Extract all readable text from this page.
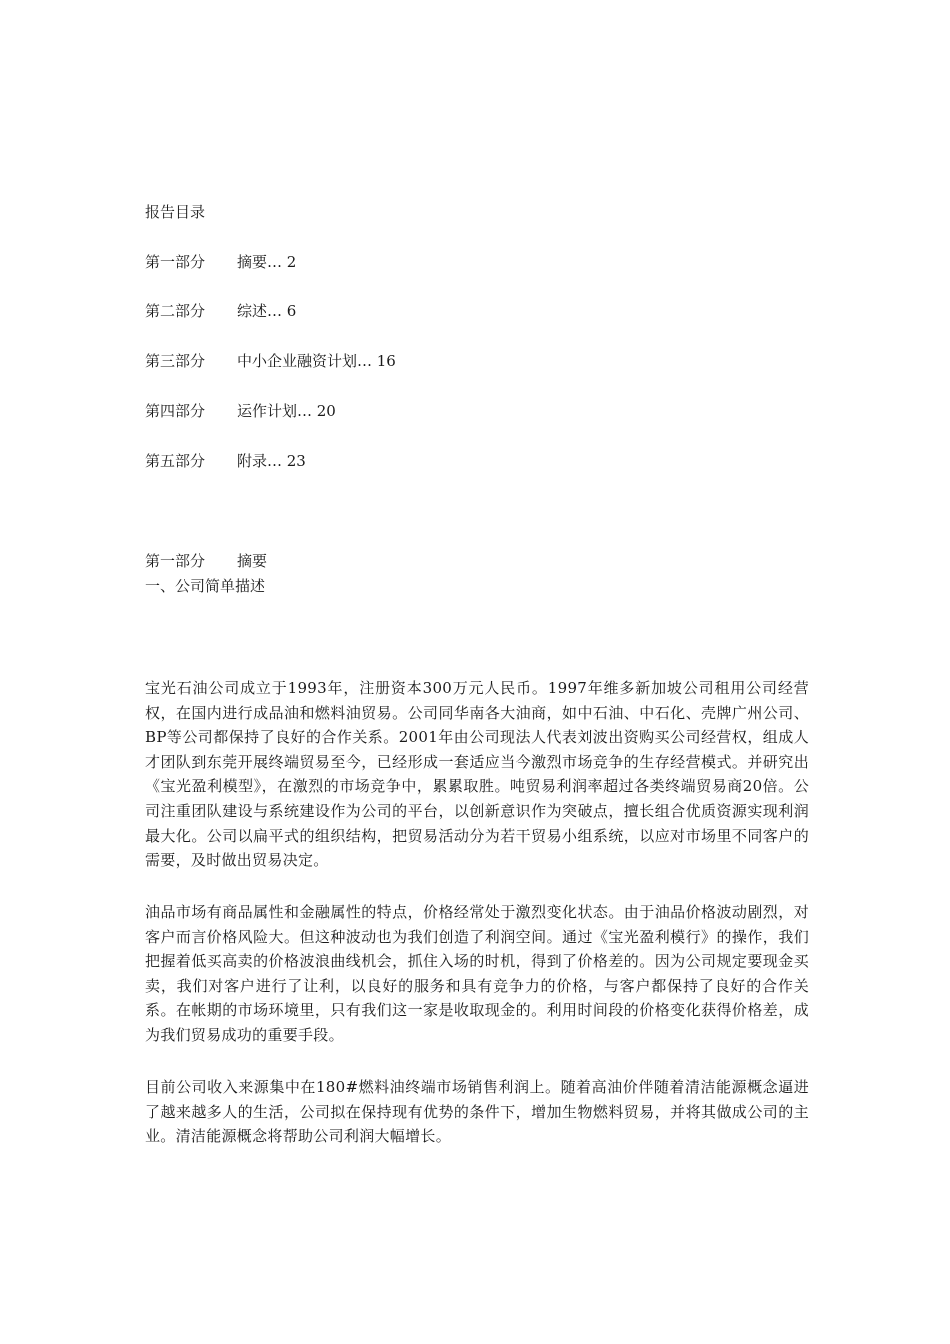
报告目录
第一部分 摘要… 2
第二部分 综述… 6
第三部分 中小企业融资计划… 16
第四部分 运作计划… 20
第五部分 附录… 23
第一部分 摘要
一、公司简单描述

宝光石油公司成立于1993年，注册资本300万元人民币。1997年维多新加坡公司租用公司经营权，在国内进行成品油和燃料油贸易。公司同华南各大油商，如中石油、中石化、壳牌广州公司、BP等公司都保持了良好的合作关系。2001年由公司现法人代表刘波出资购买公司经营权，组成人才团队到东莞开展终端贸易至今，已经形成一套适应当今激烈市场竞争的生存经营模式。并研究出《宝光盈利模型》，在激烈的市场竞争中，累累取胜。吨贸易利润率超过各类终端贸易商20倍。公司注重团队建设与系统建设作为公司的平台，以创新意识作为突破点，擅长组合优质资源实现利润最大化。公司以扁平式的组织结构，把贸易活动分为若干贸易小组系统，以应对市场里不同客户的需要，及时做出贸易决定。

油品市场有商品属性和金融属性的特点，价格经常处于激烈变化状态。由于油品价格波动剧烈，对客户而言价格风险大。但这种波动也为我们创造了利润空间。通过《宝光盈利模行》的操作，我们把握着低买高卖的价格波浪曲线机会，抓住入场的时机，得到了价格差的。因为公司规定要现金买卖，我们对客户进行了让利，以良好的服务和具有竞争力的价格，与客户都保持了良好的合作关系。在帐期的市场环境里，只有我们这一家是收取现金的。利用时间段的价格变化获得价格差，成为我们贸易成功的重要手段。

目前公司收入来源集中在180#燃料油终端市场销售利润上。随着高油价伴随着清洁能源概念逼进了越来越多人的生活，公司拟在保持现有优势的条件下，增加生物燃料贸易，并将其做成公司的主业。清洁能源概念将帮助公司利润大幅增长。
